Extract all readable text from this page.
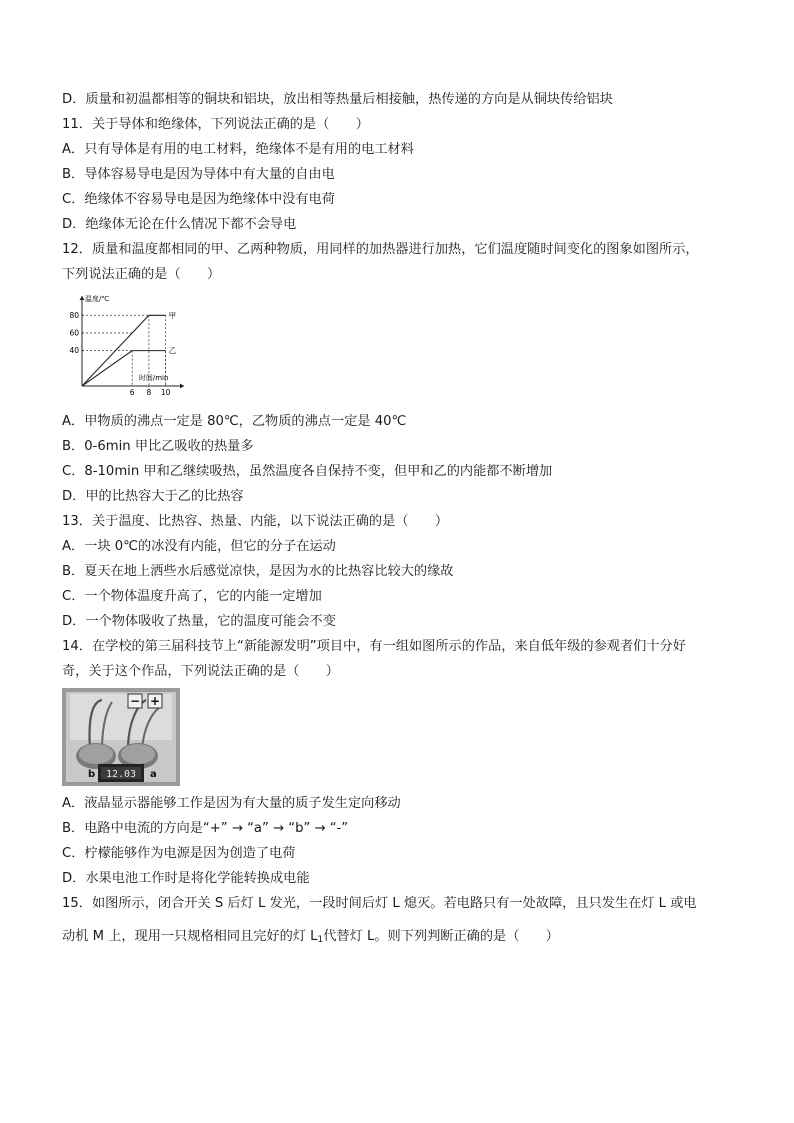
D．质量和初温都相等的铜块和铝块，放出相等热量后相接触，热传递的方向是从铜块传给铝块
11．关于导体和绝缘体，下列说法正确的是（　　）
A．只有导体是有用的电工材料，绝缘体不是有用的电工材料
B．导体容易导电是因为导体中有大量的自由电
C．绝缘体不容易导电是因为绝缘体中没有电荷
D．绝缘体无论在什么情况下都不会导电
12．质量和温度都相同的甲、乙两种物质，用同样的加热器进行加热，它们温度随时间变化的图象如图所示，
下列说法正确的是（　　）
温度/℃
时间/min
80
60
40
6 8 10
甲
乙
A．甲物质的沸点一定是 80℃，乙物质的沸点一定是 40℃
B．0-6min 甲比乙吸收的热量多
C．8-10min 甲和乙继续吸热，虽然温度各自保持不变，但甲和乙的内能都不断增加
D．甲的比热容大于乙的比热容
13．关于温度、比热容、热量、内能，以下说法正确的是（　　）
A．一块 0℃的冰没有内能，但它的分子在运动
B．夏天在地上洒些水后感觉凉快，是因为水的比热容比较大的缘故
C．一个物体温度升高了，它的内能一定增加
D．一个物体吸收了热量，它的温度可能会不变
14．在学校的第三届科技节上“新能源发明”项目中，有一组如图所示的作品，来自低年级的参观者们十分好
奇，关于这个作品，下列说法正确的是（　　）
− +
12.03
b	a
A．液晶显示器能够工作是因为有大量的质子发生定向移动
B．电路中电流的方向是“+” → “a” → “b” → “-”
C．柠檬能够作为电源是因为创造了电荷
D．水果电池工作时是将化学能转换成电能
15．如图所示，闭合开关 S 后灯 L 发光，一段时间后灯 L 熄灭。若电路只有一处故障，且只发生在灯 L 或电
动机 M 上，现用一只规格相同且完好的灯 $L_1$代替灯 L。则下列判断正确的是（　　）
